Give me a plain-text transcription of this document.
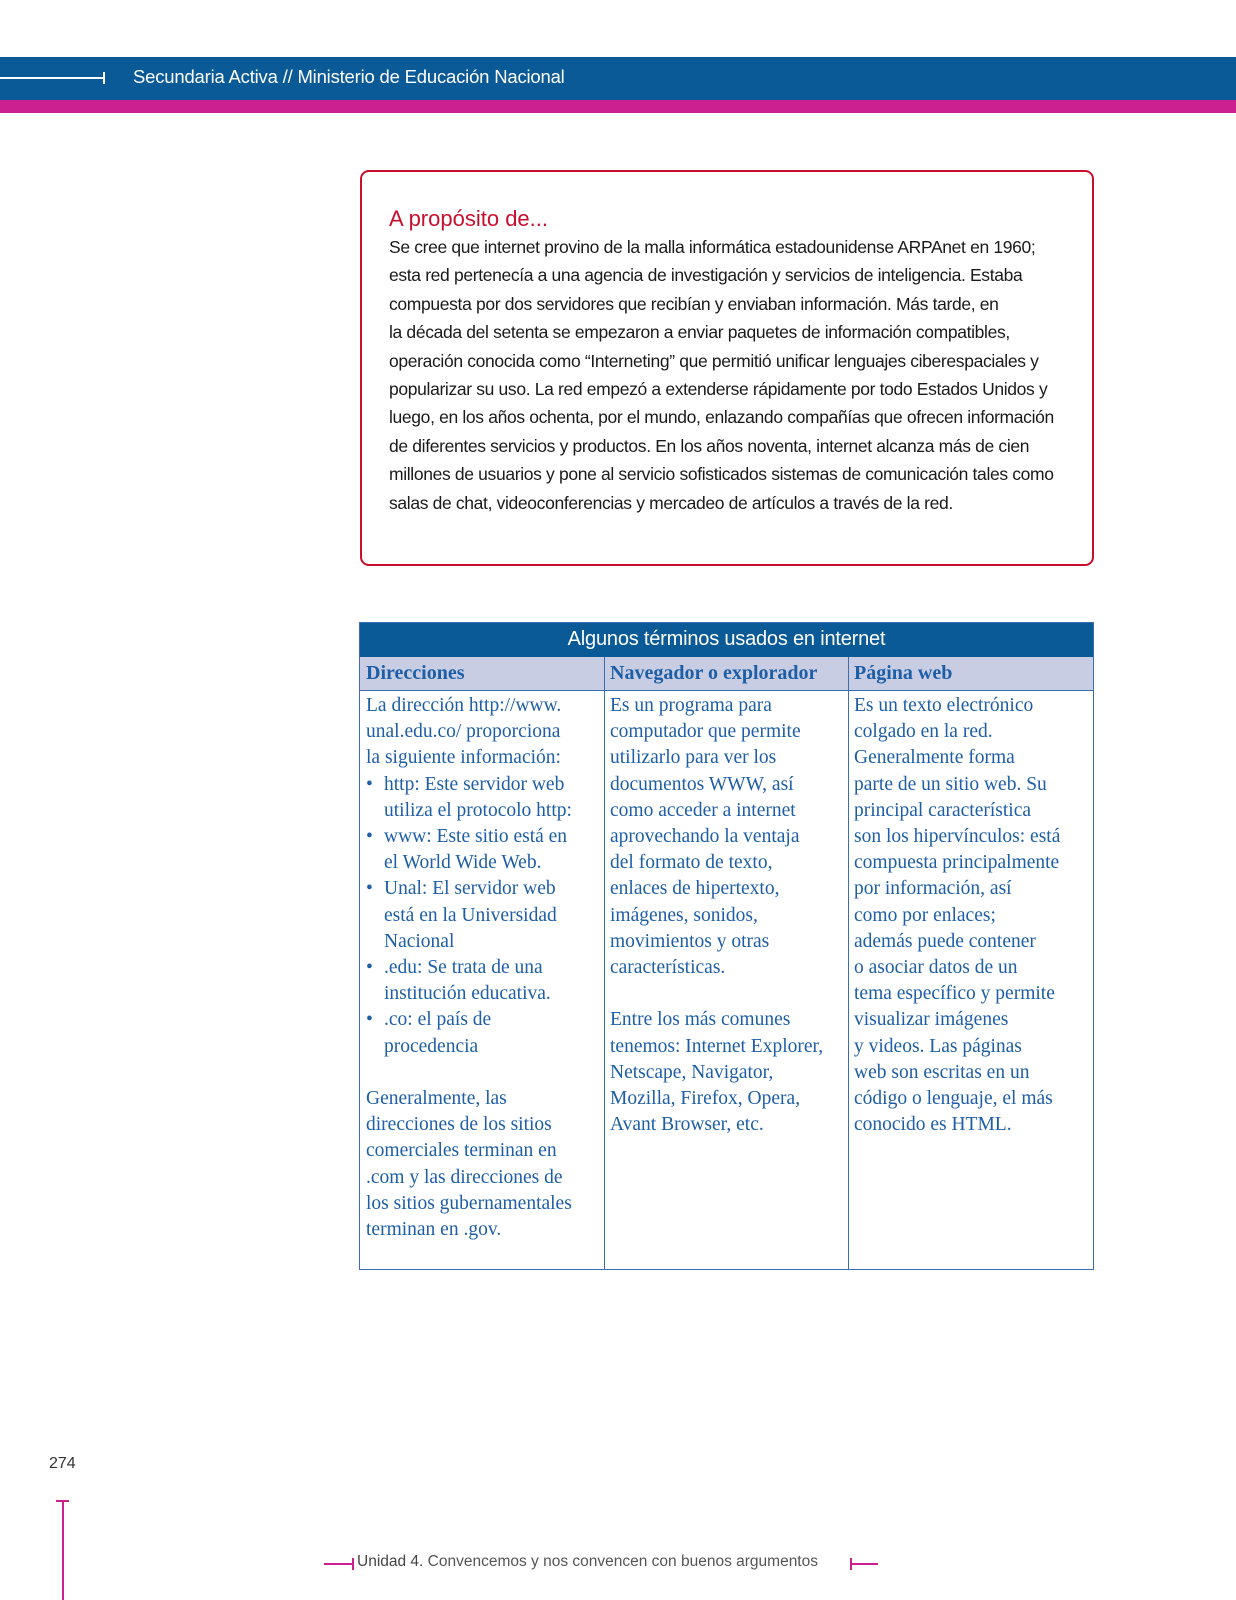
Secundaria Activa // Ministerio de Educación Nacional
A propósito de...
Se cree que internet provino de la malla informática estadounidense ARPAnet en 1960;
esta red pertenecía a una agencia de investigación y servicios de inteligencia. Estaba
compuesta por dos servidores que recibían y enviaban información. Más tarde, en
la década del setenta se empezaron a enviar paquetes de información compatibles,
operación conocida como “Interneting” que permitió unificar lenguajes ciberespaciales y
popularizar su uso. La red empezó a extenderse rápidamente por todo Estados Unidos y
luego, en los años ochenta, por el mundo, enlazando compañías que ofrecen información
de diferentes servicios y productos. En los años noventa, internet alcanza más de cien
millones de usuarios y pone al servicio sofisticados sistemas de comunicación tales como
salas de chat, videoconferencias y mercadeo de artículos a través de la red.
Algunos términos usados en internet
Direcciones	Navegador o explorador	Página web
La dirección http://www.
unal.edu.co/ proporciona
la siguiente información:
• http: Este servidor web
utiliza el protocolo http:
• www: Este sitio está en
el World Wide Web.
• Unal: El servidor web
está en la Universidad
Nacional
• .edu: Se trata de una
institución educativa.
• .co: el país de
procedencia
Generalmente, las
direcciones de los sitios
comerciales terminan en
.com y las direcciones de
los sitios gubernamentales
terminan en .gov.
Es un programa para
computador que permite
utilizarlo para ver los
documentos WWW, así
como acceder a internet
aprovechando la ventaja
del formato de texto,
enlaces de hipertexto,
imágenes, sonidos,
movimientos y otras
características.
Entre los más comunes
tenemos: Internet Explorer,
Netscape, Navigator,
Mozilla, Firefox, Opera,
Avant Browser, etc.
Es un texto electrónico
colgado en la red.
Generalmente forma
parte de un sitio web. Su
principal característica
son los hipervínculos: está
compuesta principalmente
por información, así
como por enlaces;
además puede contener
o asociar datos de un
tema específico y permite
visualizar imágenes
y videos. Las páginas
web son escritas en un
código o lenguaje, el más
conocido es HTML.
274
Unidad 4. Convencemos y nos convencen con buenos argumentos
